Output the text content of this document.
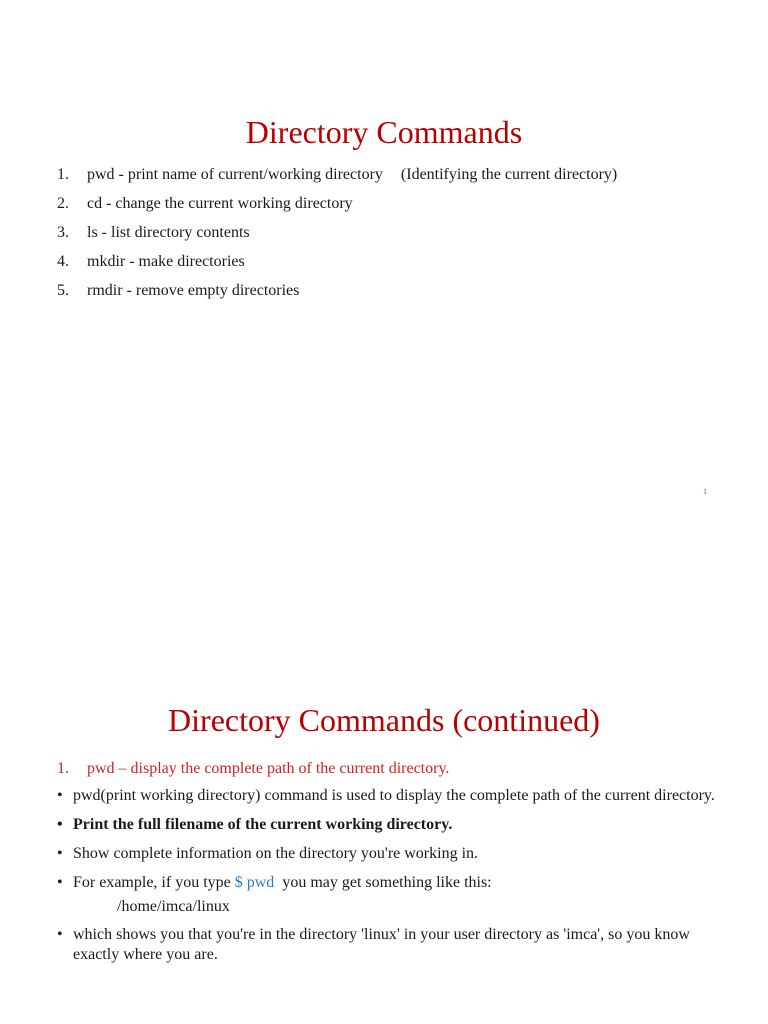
Directory Commands
1. pwd - print name of current/working directory (Identifying the current directory)
2. cd - change the current working directory
3. ls - list directory contents
4. mkdir - make directories
5. rmdir - remove empty directories
1
Directory Commands (continued)
1. pwd – display the complete path of the current directory.
• pwd(print working directory) command is used to display the complete path of the current directory.
• Print the full filename of the current working directory.
• Show complete information on the directory you're working in.
• For example, if you type $ pwd  you may get something like this:
/home/imca/linux
• which shows you that you're in the directory 'linux' in your user directory as 'imca', so you know exactly where you are.
